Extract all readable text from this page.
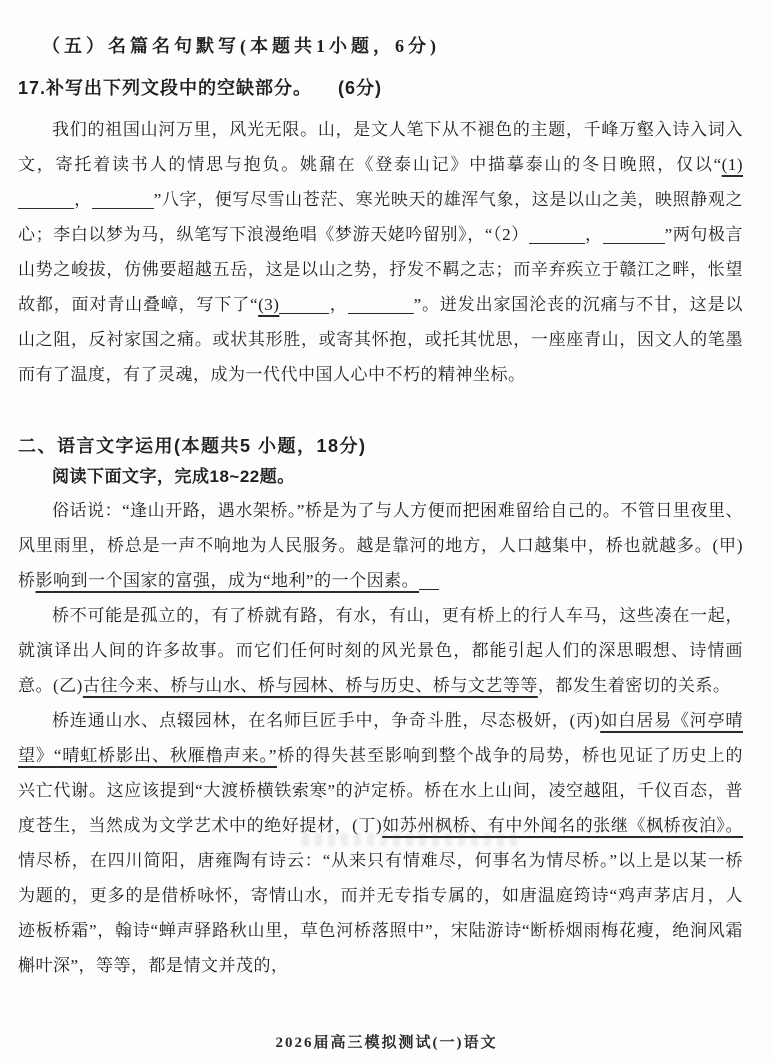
（五）名篇名句默写(本题共1小题，6分)
17.补写出下列文段中的空缺部分。 (6分)

我们的祖国山河万里，风光无限。山，是文人笔下从不褪色的主题，千峰万壑入诗入词入文，寄托着读书人的情思与抱负。姚鼐在《登泰山记》中描摹泰山的冬日晚照，仅以“(1)，	”八字，便写尽雪山苍茫、寒光映天的雄浑气象，这是以山之美，映照静观之心；李白以梦为马，纵笔写下浪漫绝唱《梦游天姥吟留别》，“（2）	，	”两句极言山势之峻拔，仿佛要超越五岳，这是以山之势，抒发不羁之志；而辛弃疾立于赣江之畔，怅望故都，面对青山叠嶂，写下了“(3)	，	”。迸发出家国沦丧的沉痛与不甘，这是以山之阻，反衬家国之痛。或状其形胜，或寄其怀抱，或托其忧思，一座座青山，因文人的笔墨而有了温度，有了灵魂，成为一代代中国人心中不朽的精神坐标。

二、语言文字运用(本题共5 小题，18分)

阅读下面文字，完成18~22题。

俗话说：“逢山开路，遇水架桥。”桥是为了与人方便而把困难留给自己的。不管日里夜里、风里雨里，桥总是一声不响地为人民服务。越是靠河的地方，人口越集中，桥也就越多。(甲)桥影响到一个国家的富强，成为“地利”的一个因素。

桥不可能是孤立的，有了桥就有路，有水，有山，更有桥上的行人车马，这些凑在一起，就演译出人间的许多故事。而它们任何时刻的风光景色，都能引起人们的深思暇想、诗情画意。(乙)古往今来、桥与山水、桥与园林、桥与历史、桥与文艺等等，都发生着密切的关系。

桥连通山水、点辍园林，在名师巨匠手中，争奇斗胜，尽态极妍，(丙)如白居易《河亭晴望》“晴虹桥影出、秋雁橹声来。”桥的得失甚至影响到整个战争的局势，桥也见证了历史上的兴亡代谢。这应该提到“大渡桥横铁索寒”的泸定桥。桥在水上山间，凌空越阻，千仪百态，普度苍生，当然成为文学艺术中的绝好提材，(丁)如苏州枫桥、有中外闻名的张继《枫桥夜泊》。情尽桥，在四川简阳，唐雍陶有诗云：“从来只有情难尽，何事名为情尽桥。”以上是以某一桥为题的，更多的是借桥咏怀，寄情山水，而并无专指专属的，如唐温庭筠诗“鸡声茅店月，人迹板桥霜”，翰诗“蝉声驿路秋山里，草色河桥落照中”，宋陆游诗“断桥烟雨梅花瘦，绝涧风霜槲叶深”，等等，都是情文并茂的，

2026届高三模拟测试(一)语文
